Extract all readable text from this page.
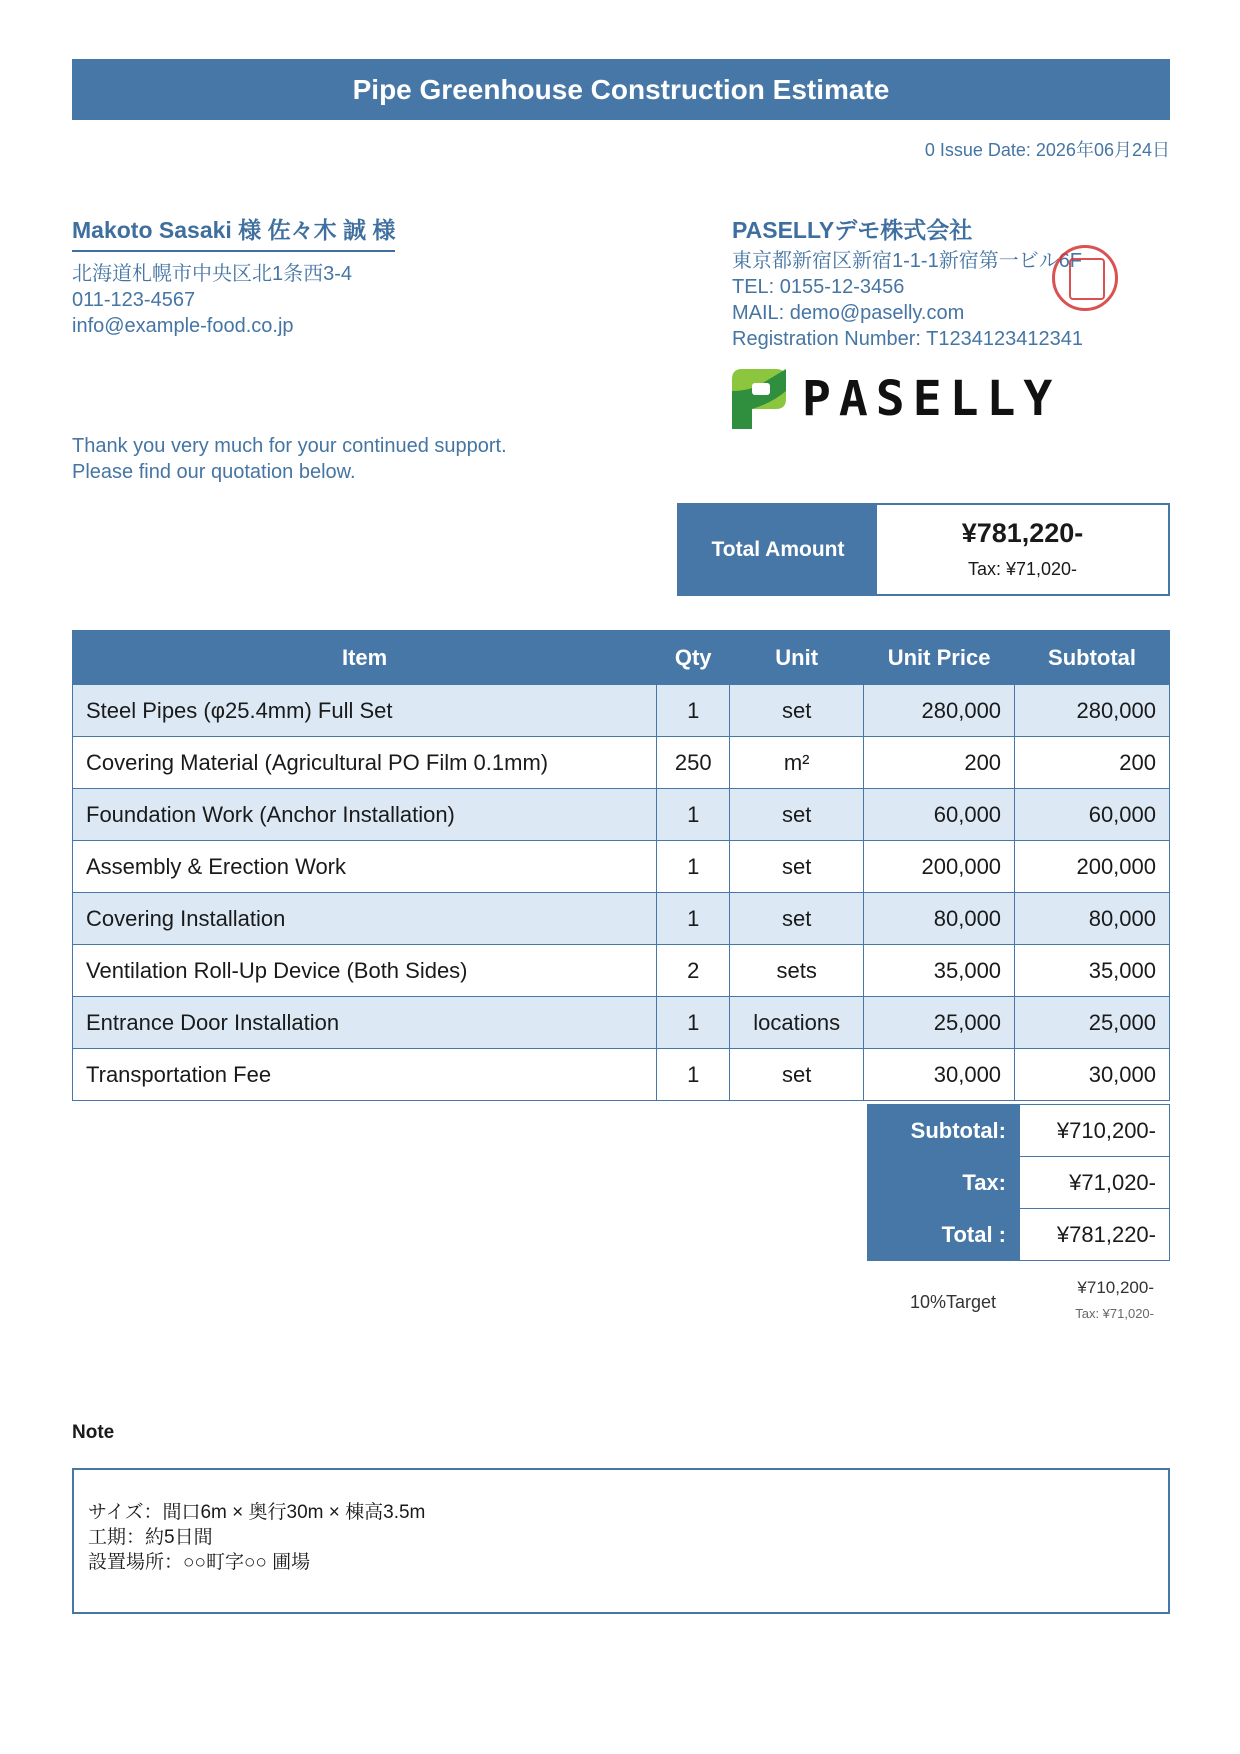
Pipe Greenhouse Construction Estimate
0 Issue Date: 2026年06月24日
Makoto Sasaki 様 佐々木 誠 様
北海道札幌市中央区北1条西3-4
011-123-4567
info@example-food.co.jp
PASELLYデモ株式会社
東京都新宿区新宿1-1-1新宿第一ビル6F
TEL: 0155-12-3456
MAIL: demo@paselly.com
Registration Number: T1234123412341
PASELLY
Thank you very much for your continued support.
Please find our quotation below.
Total Amount
¥781,220-
Tax: ¥71,020-
Item	Qty	Unit	Unit Price	Subtotal
Steel Pipes (φ25.4mm) Full Set	1	set	280,000	280,000
Covering Material (Agricultural PO Film 0.1mm)	250	m²	200	200
Foundation Work (Anchor Installation)	1	set	60,000	60,000
Assembly & Erection Work	1	set	200,000	200,000
Covering Installation	1	set	80,000	80,000
Ventilation Roll-Up Device (Both Sides)	2	sets	35,000	35,000
Entrance Door Installation	1	locations	25,000	25,000
Transportation Fee	1	set	30,000	30,000
Subtotal:	¥710,200-
Tax:	¥71,020-
Total :	¥781,220-
10%Target
¥710,200-
Tax: ¥71,020-
Note
サイズ：間口6m × 奥行30m × 棟高3.5m
工期：約5日間
設置場所：○○町字○○ 圃場
